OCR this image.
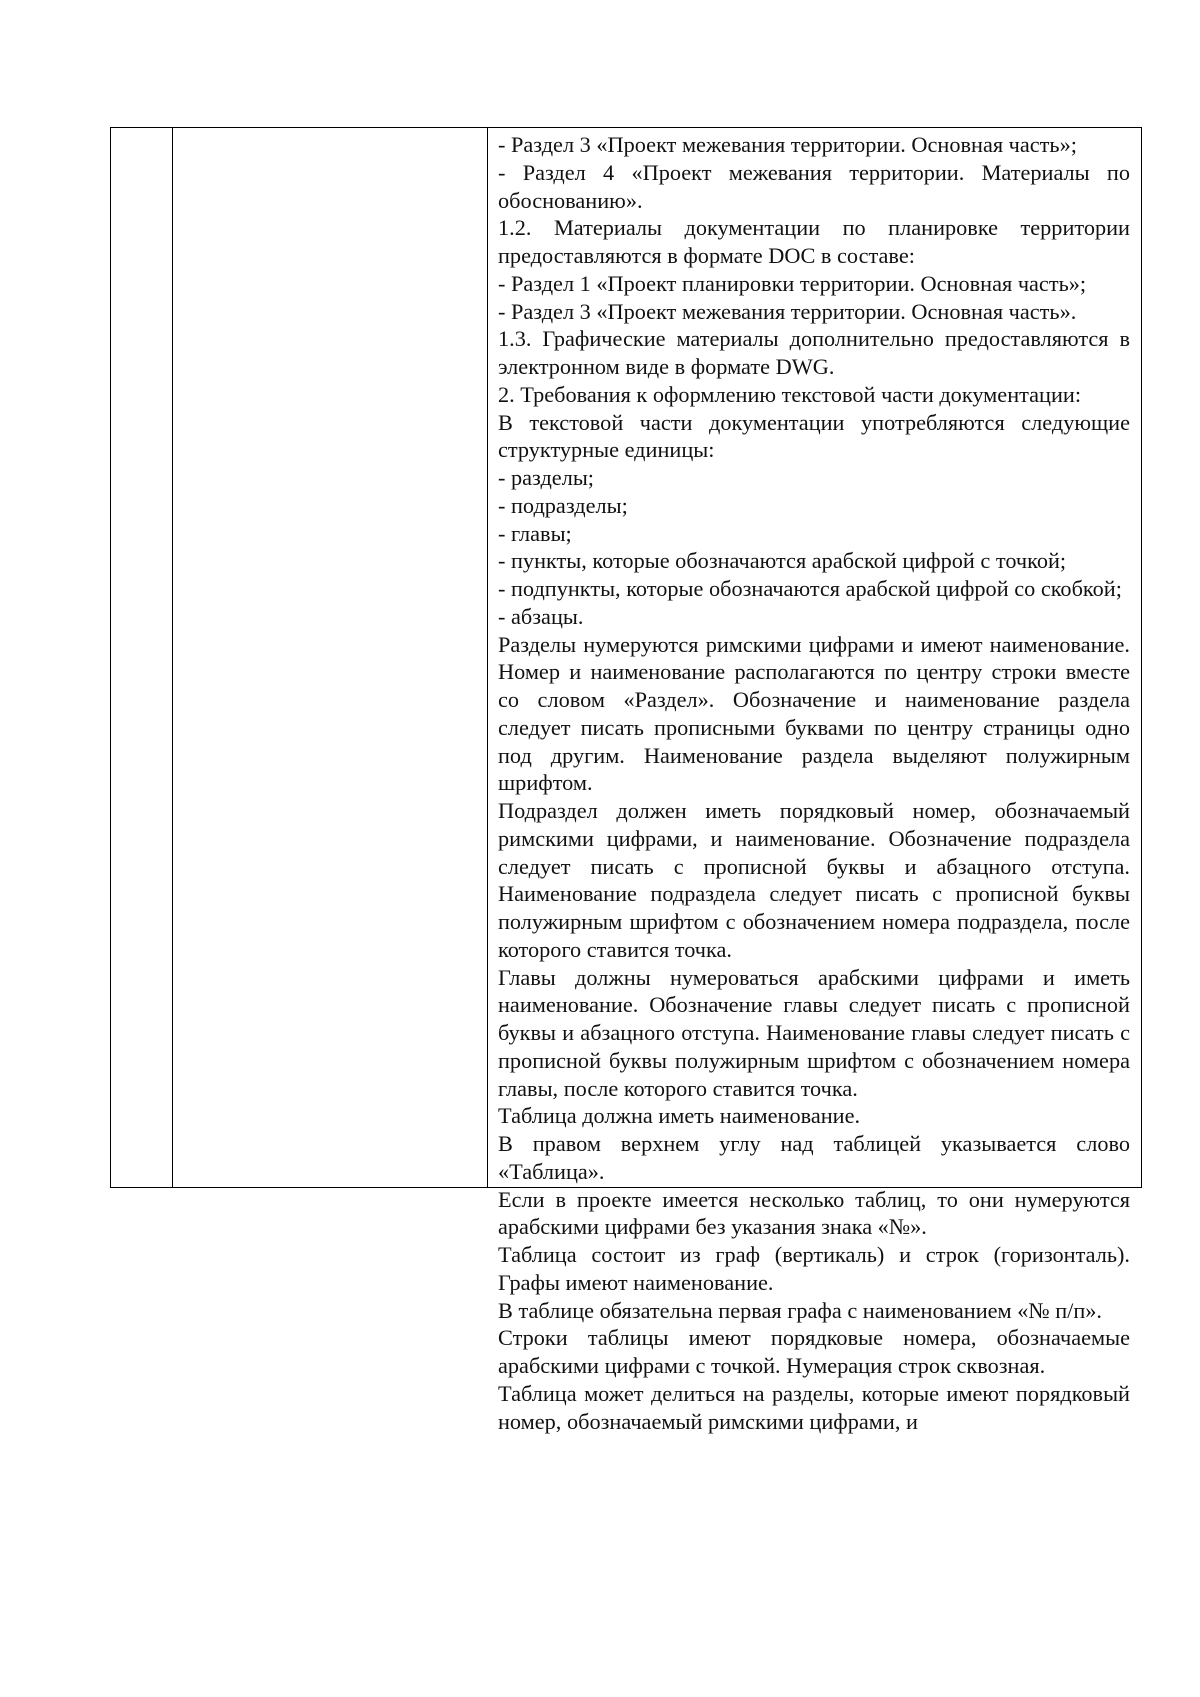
- Раздел 3 «Проект межевания территории. Основная часть»;

- Раздел 4 «Проект межевания территории. Материалы по обоснованию».

1.2. Материалы документации по планировке территории предоставляются в формате DOC в составе:

- Раздел 1 «Проект планировки территории. Основная часть»;

- Раздел 3 «Проект межевания территории. Основная часть».

1.3. Графические материалы дополнительно предоставляются в электронном виде в формате DWG.

2. Требования к оформлению текстовой части документации:

В текстовой части документации употребляются следующие структурные единицы:

- разделы;

- подразделы;

- главы;

- пункты, которые обозначаются арабской цифрой с точкой;

- подпункты, которые обозначаются арабской цифрой со скобкой;

- абзацы.

Разделы нумеруются римскими цифрами и имеют наименование. Номер и наименование располагаются по центру строки вместе со словом «Раздел». Обозначение и наименование раздела следует писать прописными буквами по центру страницы одно под другим. Наименование раздела выделяют полужирным шрифтом.

Подраздел должен иметь порядковый номер, обозначаемый римскими цифрами, и наименование. Обозначение подраздела следует писать с прописной буквы и абзацного отступа. Наименование подраздела следует писать с прописной буквы полужирным шрифтом с обозначением номера подраздела, после которого ставится точка.

Главы должны нумероваться арабскими цифрами и иметь наименование. Обозначение главы следует писать с прописной буквы и абзацного отступа. Наименование главы следует писать с прописной буквы полужирным шрифтом с обозначением номера главы, после которого ставится точка.

Таблица должна иметь наименование.

В правом верхнем углу над таблицей указывается слово «Таблица».

Если в проекте имеется несколько таблиц, то они нумеруются арабскими цифрами без указания знака «№».

Таблица состоит из граф (вертикаль) и строк (горизонталь). Графы имеют наименование.

В таблице обязательна первая графа с наименованием «№ п/п».

Строки таблицы имеют порядковые номера, обозначаемые арабскими цифрами с точкой. Нумерация строк сквозная.

Таблица может делиться на разделы, которые имеют порядковый номер, обозначаемый римскими цифрами, и
